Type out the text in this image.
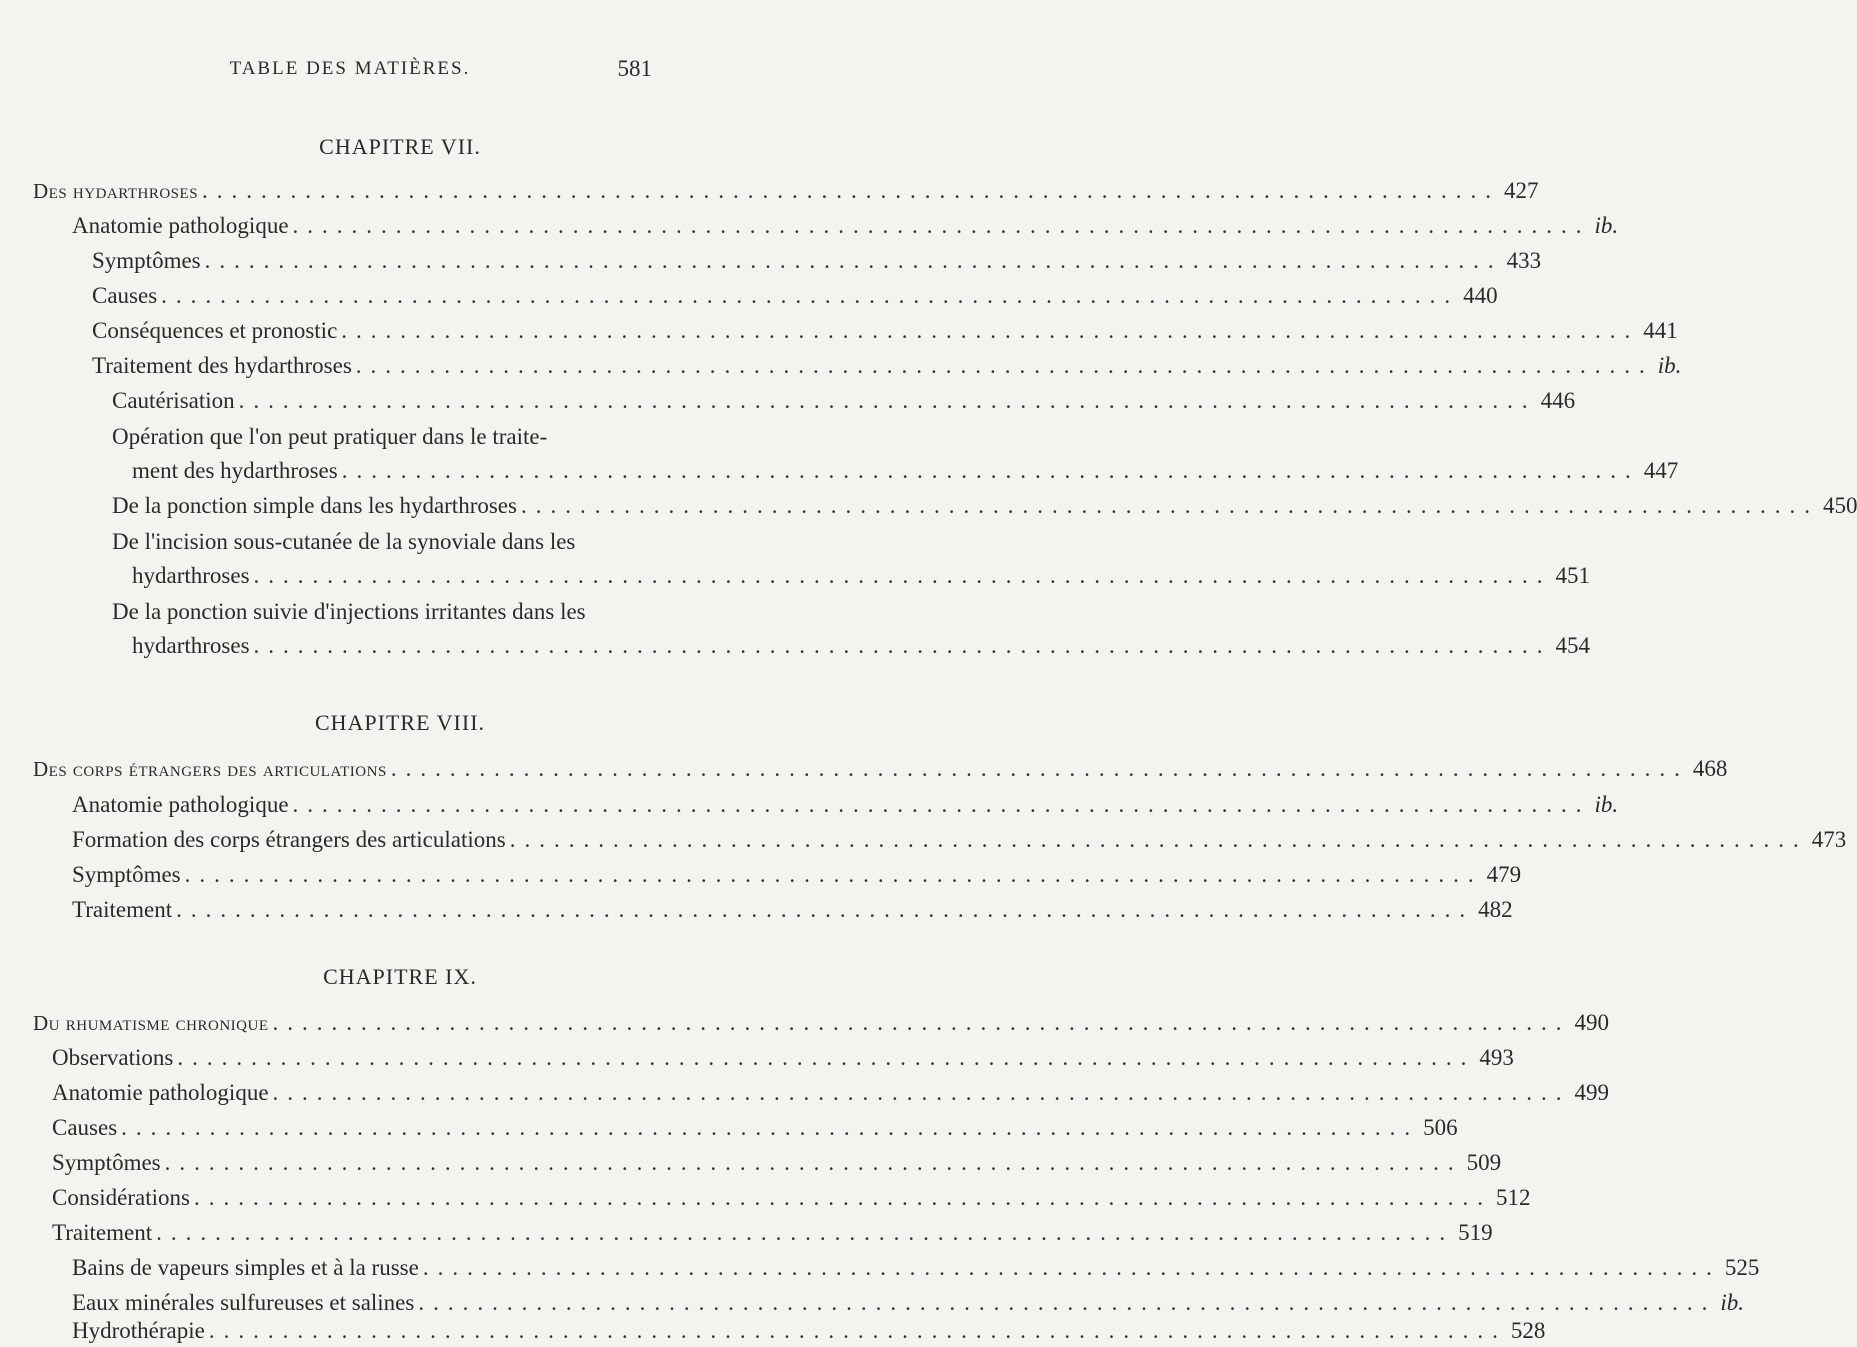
TABLE DES MATIÈRES.	581
CHAPITRE VII.
Des hydarthroses ........................................................................................ 427
Anatomie pathologique ........................................................................................ ib.
Symptômes ........................................................................................ 433
Causes ........................................................................................ 440
Conséquences et pronostic ........................................................................................ 441
Traitement des hydarthroses ........................................................................................ ib.
Cautérisation ........................................................................................ 446
Opération que l'on peut pratiquer dans le traite-
ment des hydarthroses ........................................................................................ 447
De la ponction simple dans les hydarthroses ........................................................................................ 450
De l'incision sous-cutanée de la synoviale dans les
hydarthroses ........................................................................................ 451
De la ponction suivie d'injections irritantes dans les
hydarthroses ........................................................................................ 454
CHAPITRE VIII.
Des corps étrangers des articulations ........................................................................................ 468
Anatomie pathologique ........................................................................................ ib.
Formation des corps étrangers des articulations ........................................................................................ 473
Symptômes ........................................................................................ 479
Traitement ........................................................................................ 482
CHAPITRE IX.
Du rhumatisme chronique ........................................................................................ 490
Observations ........................................................................................ 493
Anatomie pathologique ........................................................................................ 499
Causes ........................................................................................ 506
Symptômes ........................................................................................ 509
Considérations ........................................................................................ 512
Traitement ........................................................................................ 519
Bains de vapeurs simples et à la russe ........................................................................................ 525
Eaux minérales sulfureuses et salines ........................................................................................ ib.
Hydrothérapie ........................................................................................ 528
